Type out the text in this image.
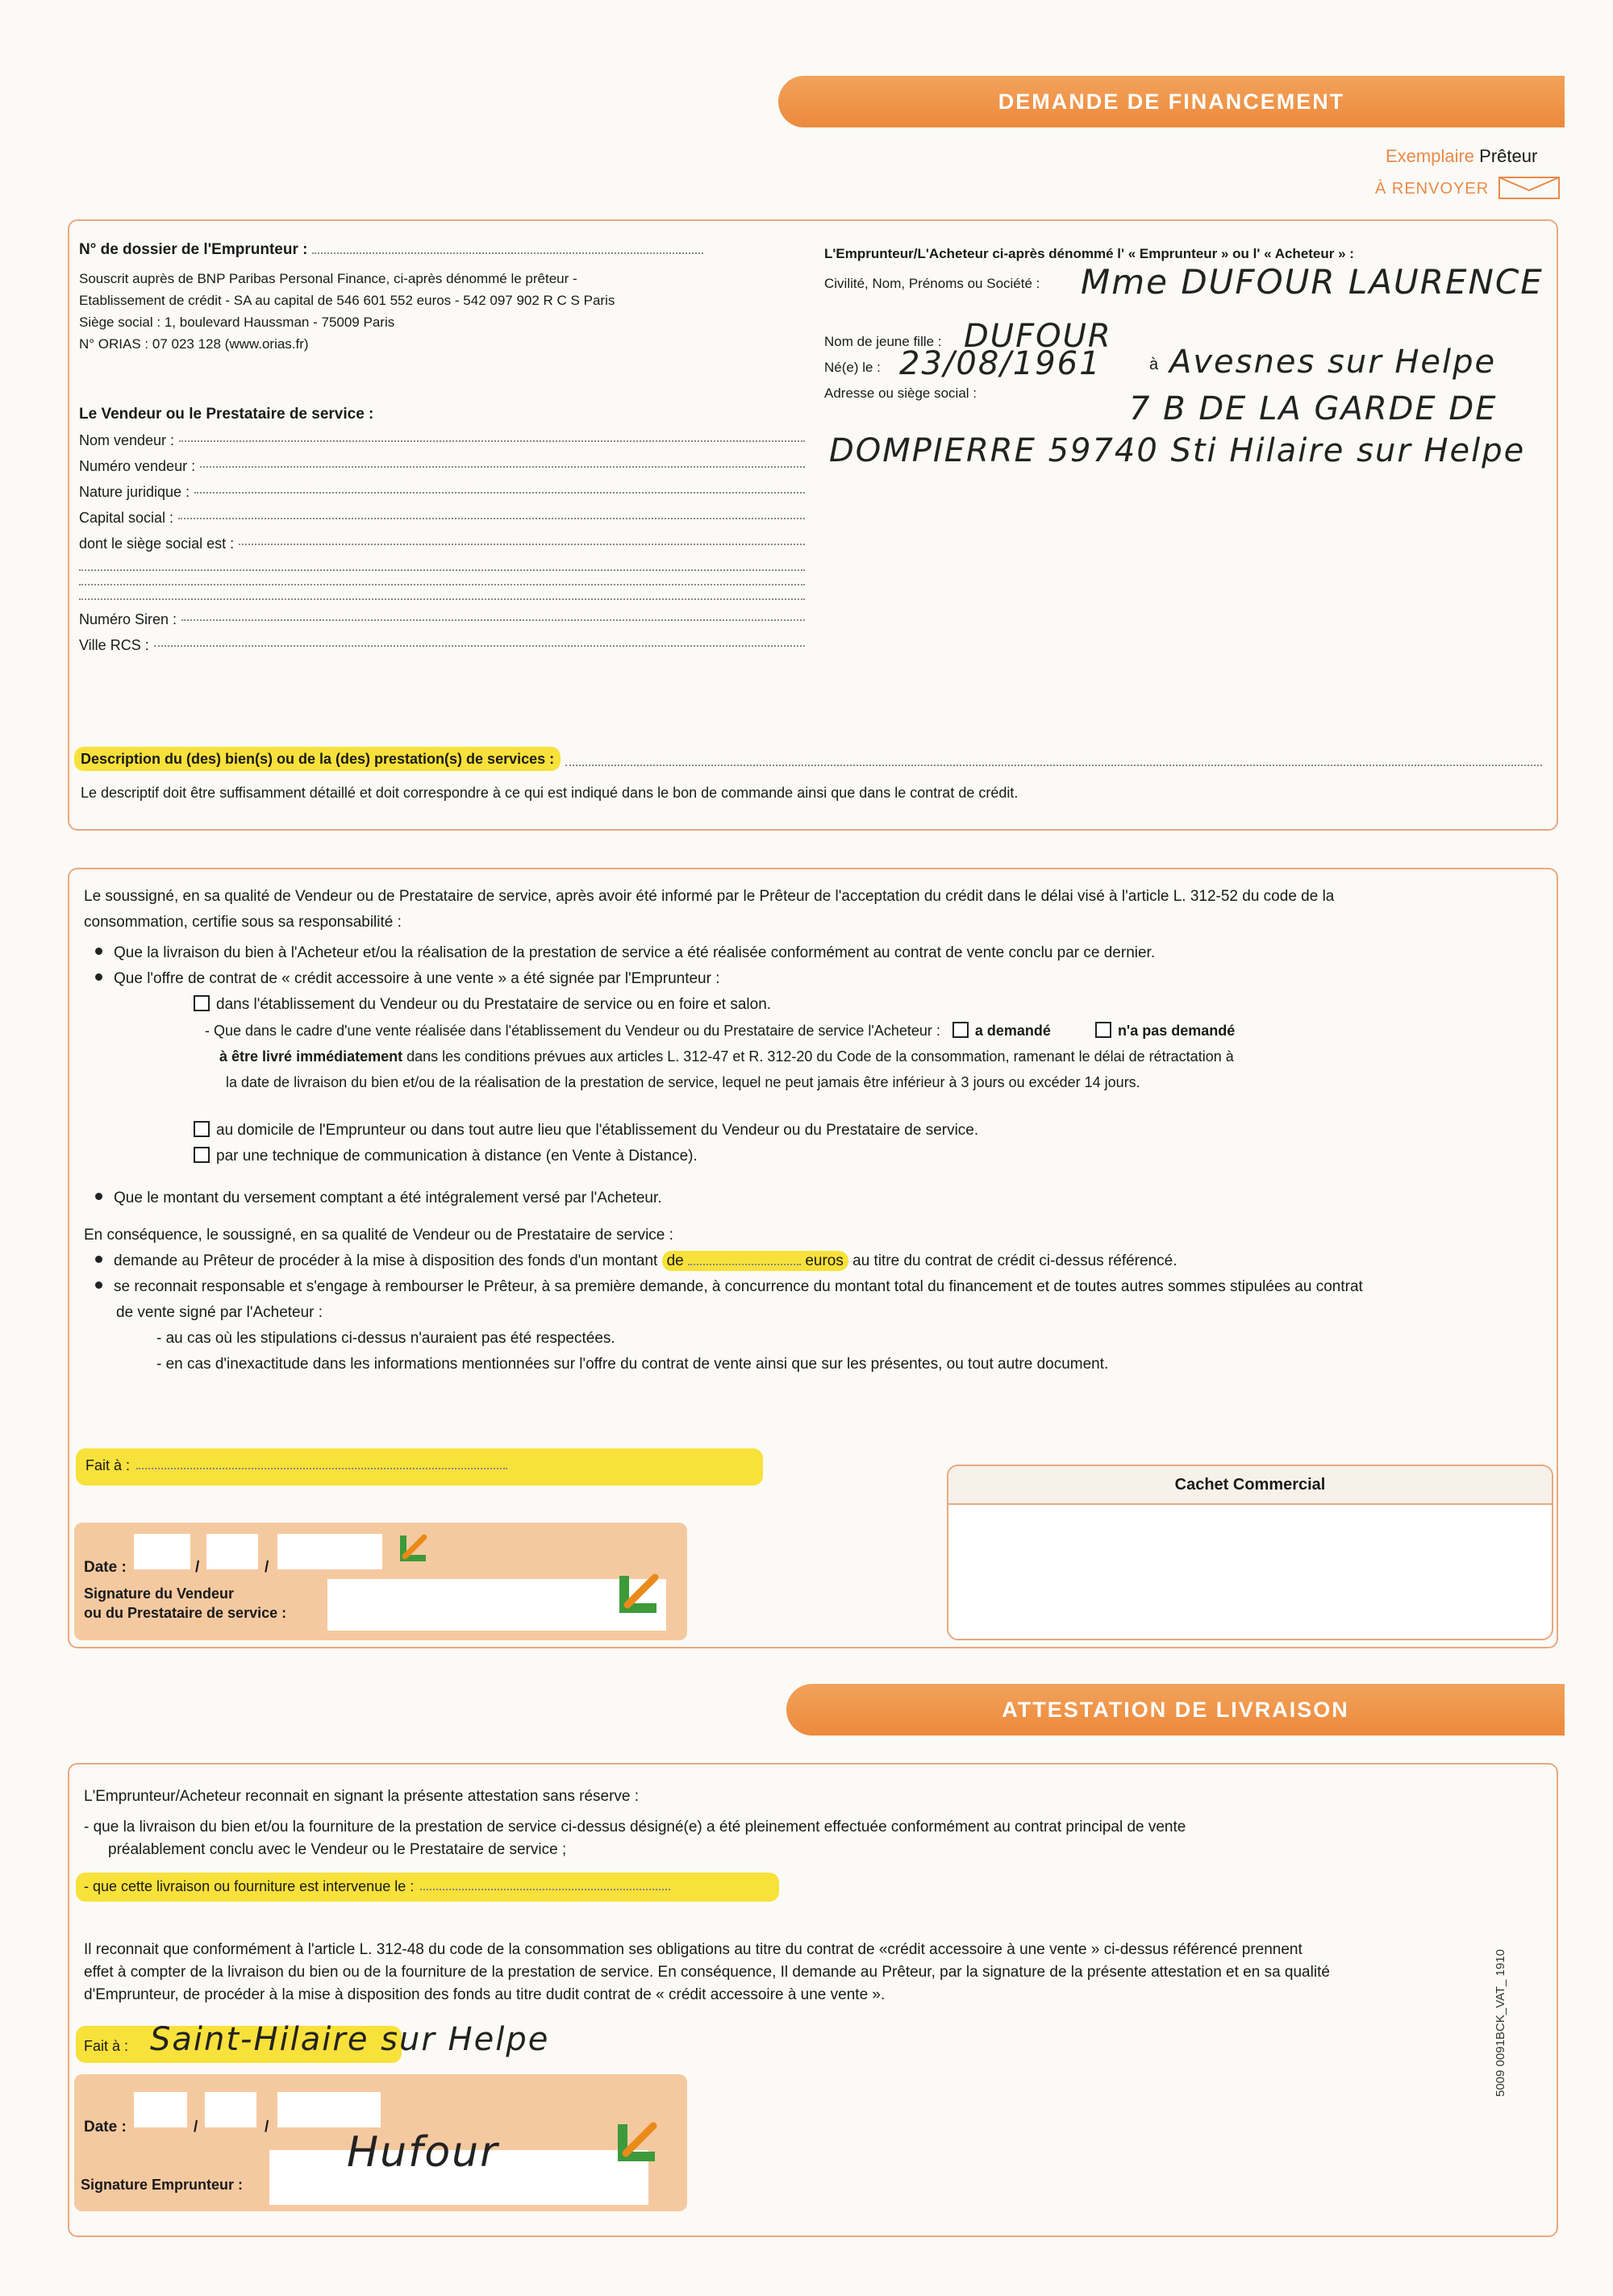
DEMANDE DE FINANCEMENT
Exemplaire Prêteur
À RENVOYER
N° de dossier de l'Emprunteur :
Souscrit auprès de BNP Paribas Personal Finance, ci-après dénommé le prêteur -
Etablissement de crédit - SA au capital de 546 601 552 euros - 542 097 902 R C S Paris
Siège social : 1, boulevard Haussman - 75009 Paris
N° ORIAS : 07 023 128 (www.orias.fr)
Le Vendeur ou le Prestataire de service :
Nom vendeur :
Numéro vendeur :
Nature juridique :
Capital social :
dont le siège social est :
Numéro Siren :
Ville RCS :
L'Emprunteur/L'Acheteur ci-après dénommé l' « Emprunteur » ou l' « Acheteur » :
Civilité, Nom, Prénoms ou Société : Mme DUFOUR LAURENCE
Nom de jeune fille : DUFOUR
Né(e) le : 23/08/1961	à Avesnes sur Helpe
Adresse ou siège social :	7 B DE LA GARDE DE
DOMPIERRE 59740 Sti Hilaire sur Helpe
Description du (des) bien(s) ou de la (des) prestation(s) de services :
Le descriptif doit être suffisamment détaillé et doit correspondre à ce qui est indiqué dans le bon de commande ainsi que dans le contrat de crédit.
Le soussigné, en sa qualité de Vendeur ou de Prestataire de service, après avoir été informé par le Prêteur de l'acceptation du crédit dans le délai visé à l'article L. 312-52 du code de la
consommation, certifie sous sa responsabilité :
Que la livraison du bien à l'Acheteur et/ou la réalisation de la prestation de service a été réalisée conformément au contrat de vente conclu par ce dernier.
Que l'offre de contrat de « crédit accessoire à une vente » a été signée par l'Emprunteur :
dans l'établissement du Vendeur ou du Prestataire de service ou en foire et salon.
- Que dans le cadre d'une vente réalisée dans l'établissement du Vendeur ou du Prestataire de service l'Acheteur : a demandé	n'a pas demandé
à être livré immédiatement dans les conditions prévues aux articles L. 312-47 et R. 312-20 du Code de la consommation, ramenant le délai de rétractation à
la date de livraison du bien et/ou de la réalisation de la prestation de service, lequel ne peut jamais être inférieur à 3 jours ou excéder 14 jours.
au domicile de l'Emprunteur ou dans tout autre lieu que l'établissement du Vendeur ou du Prestataire de service.
par une technique de communication à distance (en Vente à Distance).
Que le montant du versement comptant a été intégralement versé par l'Acheteur.
En conséquence, le soussigné, en sa qualité de Vendeur ou de Prestataire de service :
demande au Prêteur de procéder à la mise à disposition des fonds d'un montant de	euros au titre du contrat de crédit ci-dessus référencé.
se reconnait responsable et s'engage à rembourser le Prêteur, à sa première demande, à concurrence du montant total du financement et de toutes autres sommes stipulées au contrat
de vente signé par l'Acheteur :
- au cas où les stipulations ci-dessus n'auraient pas été respectées.
- en cas d'inexactitude dans les informations mentionnées sur l'offre du contrat de vente ainsi que sur les présentes, ou tout autre document.
Fait à :
Date :	/	/
Signature du Vendeur
ou du Prestataire de service :
Cachet Commercial
ATTESTATION DE LIVRAISON
L'Emprunteur/Acheteur reconnait en signant la présente attestation sans réserve :
- que la livraison du bien et/ou la fourniture de la prestation de service ci-dessus désigné(e) a été pleinement effectuée conformément au contrat principal de vente
préalablement conclu avec le Vendeur ou le Prestataire de service ;
- que cette livraison ou fourniture est intervenue le :
Il reconnait que conformément à l'article L. 312-48 du code de la consommation ses obligations au titre du contrat de «crédit accessoire à une vente » ci-dessus référencé prennent
effet à compter de la livraison du bien ou de la fourniture de la prestation de service. En conséquence, Il demande au Prêteur, par la signature de la présente attestation et en sa qualité
d'Emprunteur, de procéder à la mise à disposition des fonds au titre dudit contrat de « crédit accessoire à une vente ».
Fait à : Saint-Hilaire sur Helpe
Date :	/	/
Signature Emprunteur :
Hufour
5009 0091BCK_VAT_ 1910
